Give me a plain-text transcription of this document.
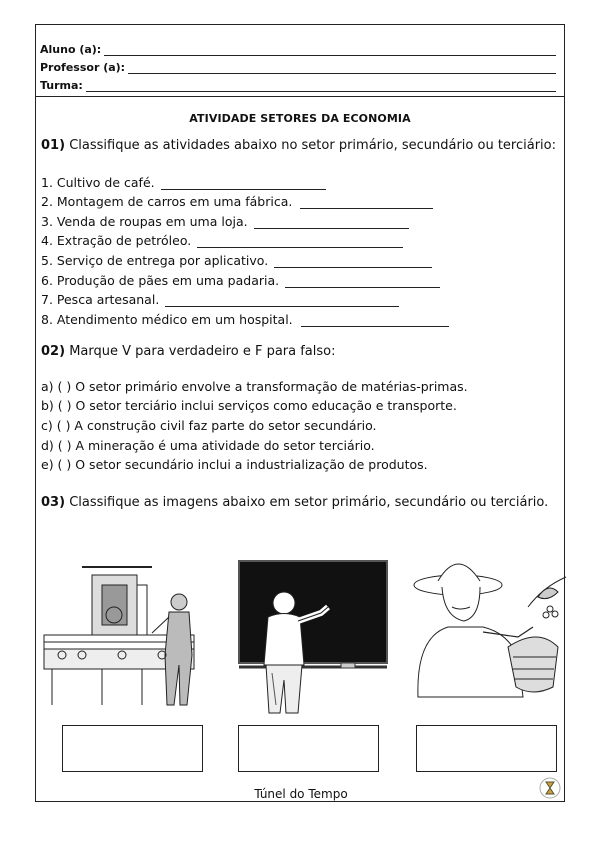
Aluno (a):
Professor (a):
Turma:
ATIVIDADE SETORES DA ECONOMIA
01) Classifique as atividades abaixo no setor primário, secundário ou terciário:
1. Cultivo de café.
2. Montagem de carros em uma fábrica.
3. Venda de roupas em uma loja.
4. Extração de petróleo.
5. Serviço de entrega por aplicativo.
6. Produção de pães em uma padaria.
7. Pesca artesanal.
8. Atendimento médico em um hospital.
02) Marque V para verdadeiro e F para falso:
a) ( ) O setor primário envolve a transformação de matérias-primas.
b) ( ) O setor terciário inclui serviços como educação e transporte.
c) ( ) A construção civil faz parte do setor secundário.
d) ( ) A mineração é uma atividade do setor terciário.
e) ( ) O setor secundário inclui a industrialização de produtos.
03) Classifique as imagens abaixo em setor primário, secundário ou terciário.
Túnel do Tempo
